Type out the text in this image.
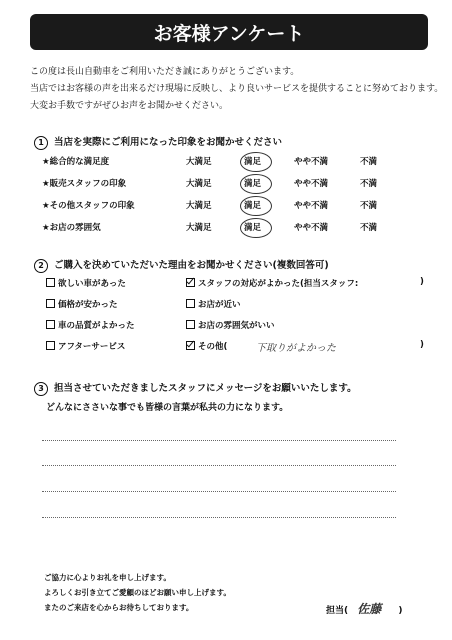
お客様アンケート
この度は長山自動車をご利用いただき誠にありがとうございます。
当店ではお客様の声を出来るだけ現場に反映し、より良いサービスを提供することに努めております。
大変お手数ですがぜひお声をお聞かせください。
1 当店を実際にご利用になった印象をお聞かせください
★総合的な満足度	大満足	満足	やや不満	不満
★販売スタッフの印象	大満足	満足	やや不満	不満
★その他スタッフの印象	大満足	満足	やや不満	不満
★お店の雰囲気	大満足	満足	やや不満	不満
2 ご購入を決めていただいた理由をお聞かせください(複数回答可)
欲しい車があった
価格が安かった
車の品質がよかった
アフターサービス
スタッフの対応がよかった(担当スタッフ:	)
お店が近い
お店の雰囲気がいい
その他(	下取りがよかった	)
3 担当させていただきましたスタッフにメッセージをお願いいたします。
どんなにささいな事でも皆様の言葉が私共の力になります。
ご協力に心よりお礼を申し上げます。
よろしくお引き立てご愛顧のほどお願い申し上げます。
またのご来店を心からお待ちしております。	担当( 佐藤 )
